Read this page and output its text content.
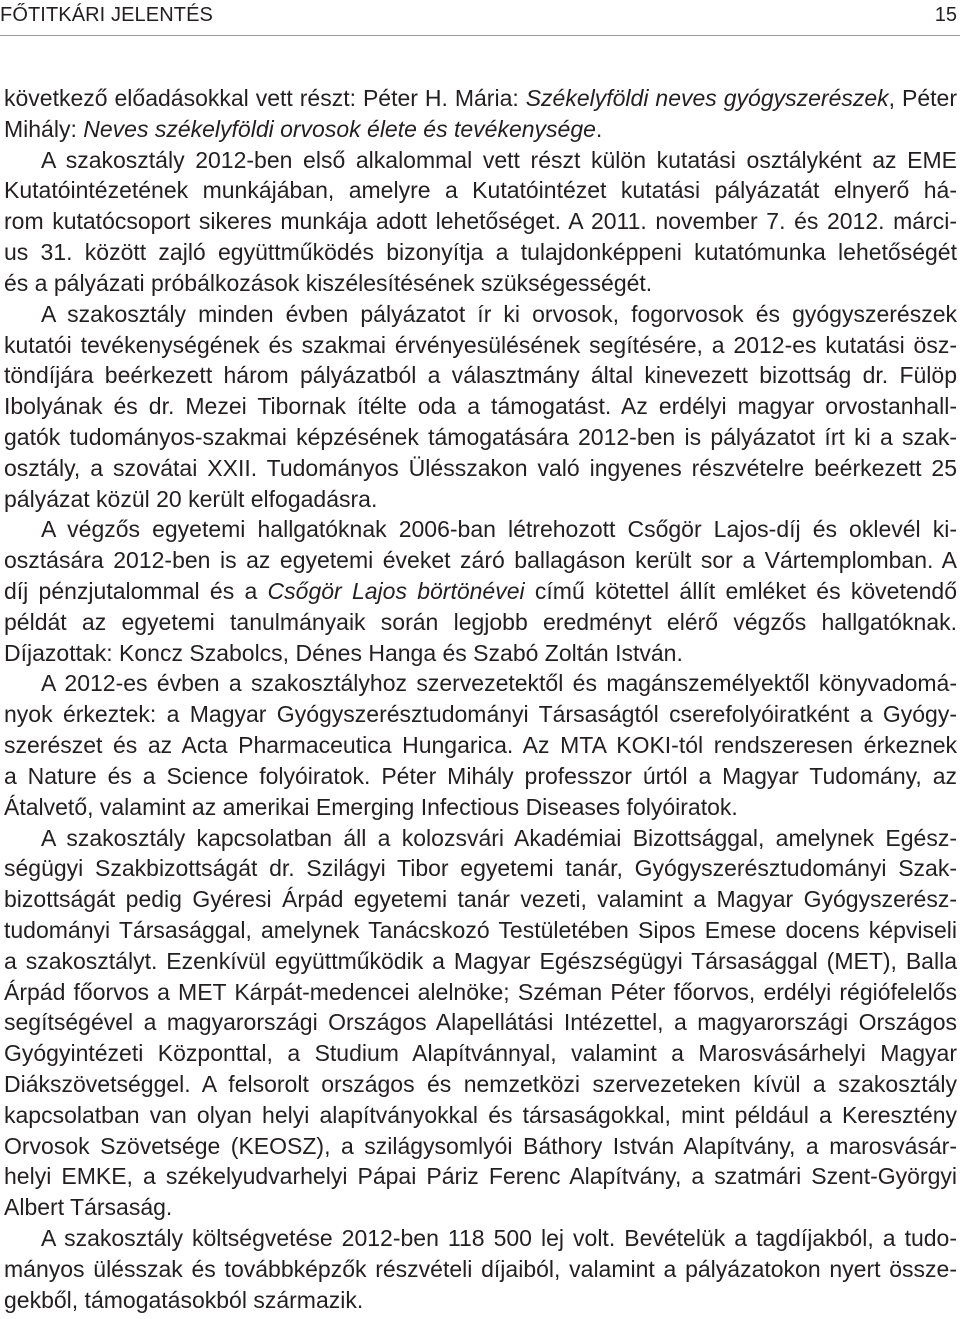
FŐTITKÁRI JELENTÉS	15
következő előadásokkal vett részt: Péter H. Mária: Székelyföldi neves gyógyszerészek, Péter
Mihály: Neves székelyföldi orvosok élete és tevékenysége.
A szakosztály 2012-ben első alkalommal vett részt külön kutatási osztályként az EME
Kutatóintézetének munkájában, amelyre a Kutatóintézet kutatási pályázatát elnyerő há-
rom kutatócsoport sikeres munkája adott lehetőséget. A 2011. november 7. és 2012. márci-
us 31. között zajló együttműködés bizonyítja a tulajdonképpeni kutatómunka lehetőségét
és a pályázati próbálkozások kiszélesítésének szükségességét.
A szakosztály minden évben pályázatot ír ki orvosok, fogorvosok és gyógyszerészek
kutatói tevékenységének és szakmai érvényesülésének segítésére, a 2012-es kutatási ösz-
töndíjára beérkezett három pályázatból a választmány által kinevezett bizottság dr. Fülöp
Ibolyának és dr. Mezei Tibornak ítélte oda a támogatást. Az erdélyi magyar orvostanhall-
gatók tudományos-szakmai képzésének támogatására 2012-ben is pályázatot írt ki a szak-
osztály, a szovátai XXII. Tudományos Ülésszakon való ingyenes részvételre beérkezett 25
pályázat közül 20 került elfogadásra.
A végzős egyetemi hallgatóknak 2006-ban létrehozott Csőgör Lajos-díj és oklevél ki-
osztására 2012-ben is az egyetemi éveket záró ballagáson került sor a Vártemplomban. A
díj pénzjutalommal és a Csőgör Lajos börtönévei című kötettel állít emléket és követendő
példát az egyetemi tanulmányaik során legjobb eredményt elérő végzős hallgatóknak.
Díjazottak: Koncz Szabolcs, Dénes Hanga és Szabó Zoltán István.
A 2012-es évben a szakosztályhoz szervezetektől és magánszemélyektől könyvadomá-
nyok érkeztek: a Magyar Gyógyszerésztudományi Társaságtól cserefolyóiratként a Gyógy-
szerészet és az Acta Pharmaceutica Hungarica. Az MTA KOKI-tól rendszeresen érkeznek
a Nature és a Science folyóiratok. Péter Mihály professzor úrtól a Magyar Tudomány, az
Átalvető, valamint az amerikai Emerging Infectious Diseases folyóiratok.
A szakosztály kapcsolatban áll a kolozsvári Akadémiai Bizottsággal, amelynek Egész-
ségügyi Szakbizottságát dr. Szilágyi Tibor egyetemi tanár, Gyógyszerésztudományi Szak-
bizottságát pedig Gyéresi Árpád egyetemi tanár vezeti, valamint a Magyar Gyógyszerész-
tudományi Társasággal, amelynek Tanácskozó Testületében Sipos Emese docens képviseli
a szakosztályt. Ezenkívül együttműködik a Magyar Egészségügyi Társasággal (MET), Balla
Árpád főorvos a MET Kárpát-medencei alelnöke; Széman Péter főorvos, erdélyi régiófelelős
segítségével a magyarországi Országos Alapellátási Intézettel, a magyarországi Országos
Gyógyintézeti Központtal, a Studium Alapítvánnyal, valamint a Marosvásárhelyi Magyar
Diákszövetséggel. A felsorolt országos és nemzetközi szervezeteken kívül a szakosztály
kapcsolatban van olyan helyi alapítványokkal és társaságokkal, mint például a Keresztény
Orvosok Szövetsége (KEOSZ), a szilágysomlyói Báthory István Alapítvány, a marosvásár-
helyi EMKE, a székelyudvarhelyi Pápai Páriz Ferenc Alapítvány, a szatmári Szent-Györgyi
Albert Társaság.
A szakosztály költségvetése 2012-ben 118 500 lej volt. Bevételük a tagdíjakból, a tudo-
mányos ülésszak és továbbképzők részvételi díjaiból, valamint a pályázatokon nyert össze-
gekből, támogatásokból származik.
